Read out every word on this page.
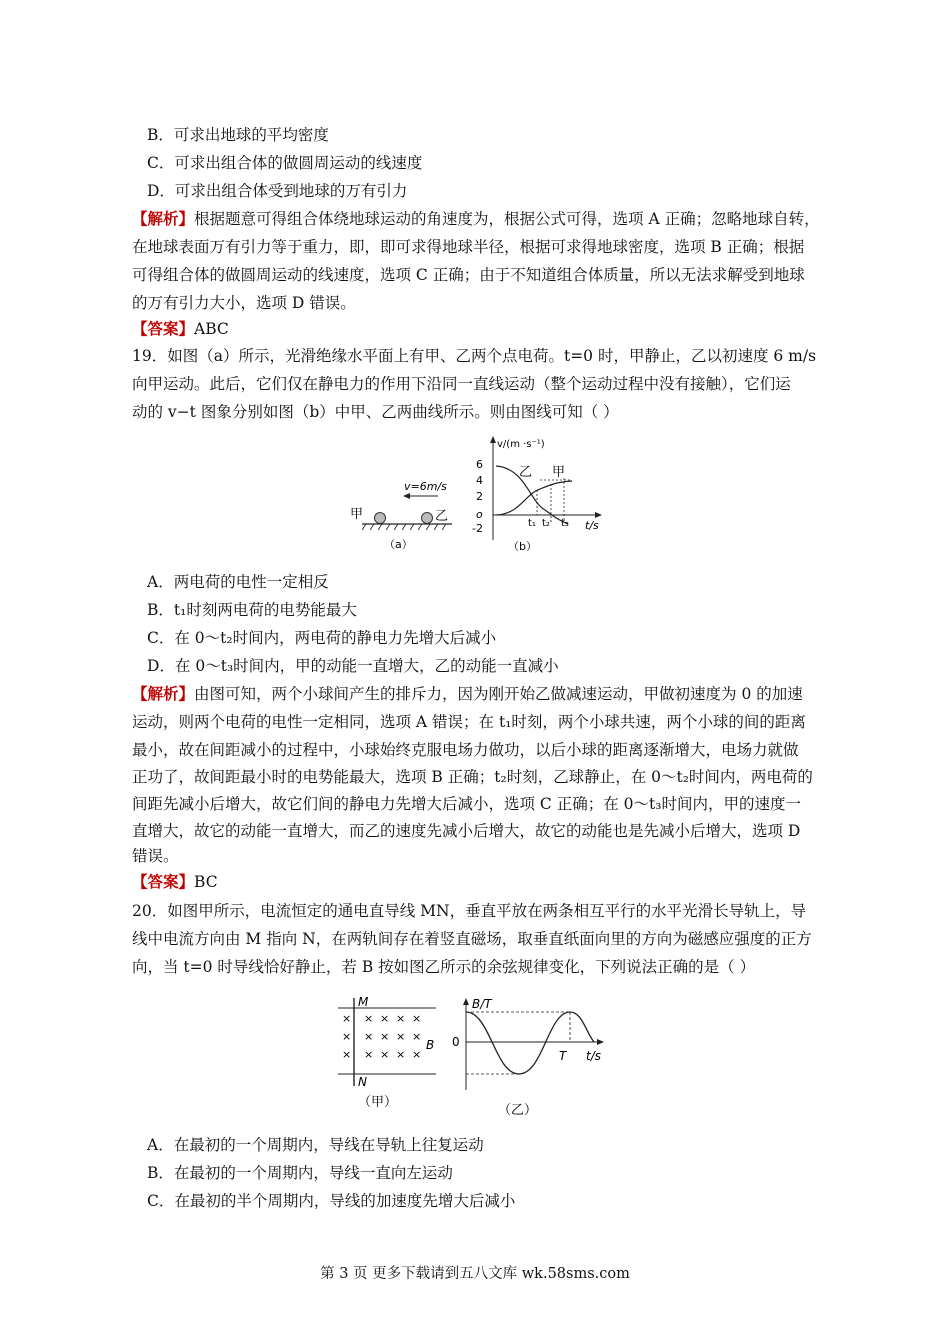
B．可求出地球的平均密度
C．可求出组合体的做圆周运动的线速度
D．可求出组合体受到地球的万有引力
【解析】根据题意可得组合体绕地球运动的角速度为，根据公式可得，选项 A 正确；忽略地球自转，
在地球表面万有引力等于重力，即，即可求得地球半径，根据可求得地球密度，选项 B 正确；根据
可得组合体的做圆周运动的线速度，选项 C 正确；由于不知道组合体质量，所以无法求解受到地球
的万有引力大小，选项 D 错误。
【答案】ABC
19．如图（a）所示，光滑绝缘水平面上有甲、乙两个点电荷。t=0 时，甲静止，乙以初速度 6 m/s
向甲运动。此后，它们仅在静电力的作用下沿同一直线运动（整个运动过程中没有接触），它们运
动的 v−t 图象分别如图（b）中甲、乙两曲线所示。则由图线可知（ ）
甲	乙
v=6m/s
（a）
v/(m ·s⁻¹)
6
4
2
o
-2
乙 甲
t₁ t₂ t₃ t/s
（b）
A．两电荷的电性一定相反
B．t₁时刻两电荷的电势能最大
C．在 0～t₂时间内，两电荷的静电力先增大后减小
D．在 0～t₃时间内，甲的动能一直增大，乙的动能一直减小
【解析】由图可知，两个小球间产生的排斥力，因为刚开始乙做减速运动，甲做初速度为 0 的加速
运动，则两个电荷的电性一定相同，选项 A 错误；在 t₁时刻，两个小球共速，两个小球的间的距离
最小，故在间距减小的过程中，小球始终克服电场力做功，以后小球的距离逐渐增大，电场力就做
正功了，故间距最小时的电势能最大，选项 B 正确；t₂时刻，乙球静止，在 0～t₂时间内，两电荷的
间距先减小后增大，故它们间的静电力先增大后减小，选项 C 正确；在 0～t₃时间内，甲的速度一
直增大，故它的动能一直增大，而乙的速度先减小后增大，故它的动能也是先减小后增大，选项 D
错误。
【答案】BC
20．如图甲所示，电流恒定的通电直导线 MN，垂直平放在两条相互平行的水平光滑长导轨上，导
线中电流方向由 M 指向 N，在两轨间存在着竖直磁场，取垂直纸面向里的方向为磁感应强度的正方
向，当 t=0 时导线恰好静止，若 B 按如图乙所示的余弦规律变化，下列说法正确的是（ ）
M
N
B
× × × × ×
× × × × ×
× × × × ×
（甲）
B/T
0
T t/s
（乙）
A．在最初的一个周期内，导线在导轨上往复运动
B．在最初的一个周期内，导线一直向左运动
C．在最初的半个周期内，导线的加速度先增大后减小
第 3 页 更多下载请到五八文库 wk.58sms.com
